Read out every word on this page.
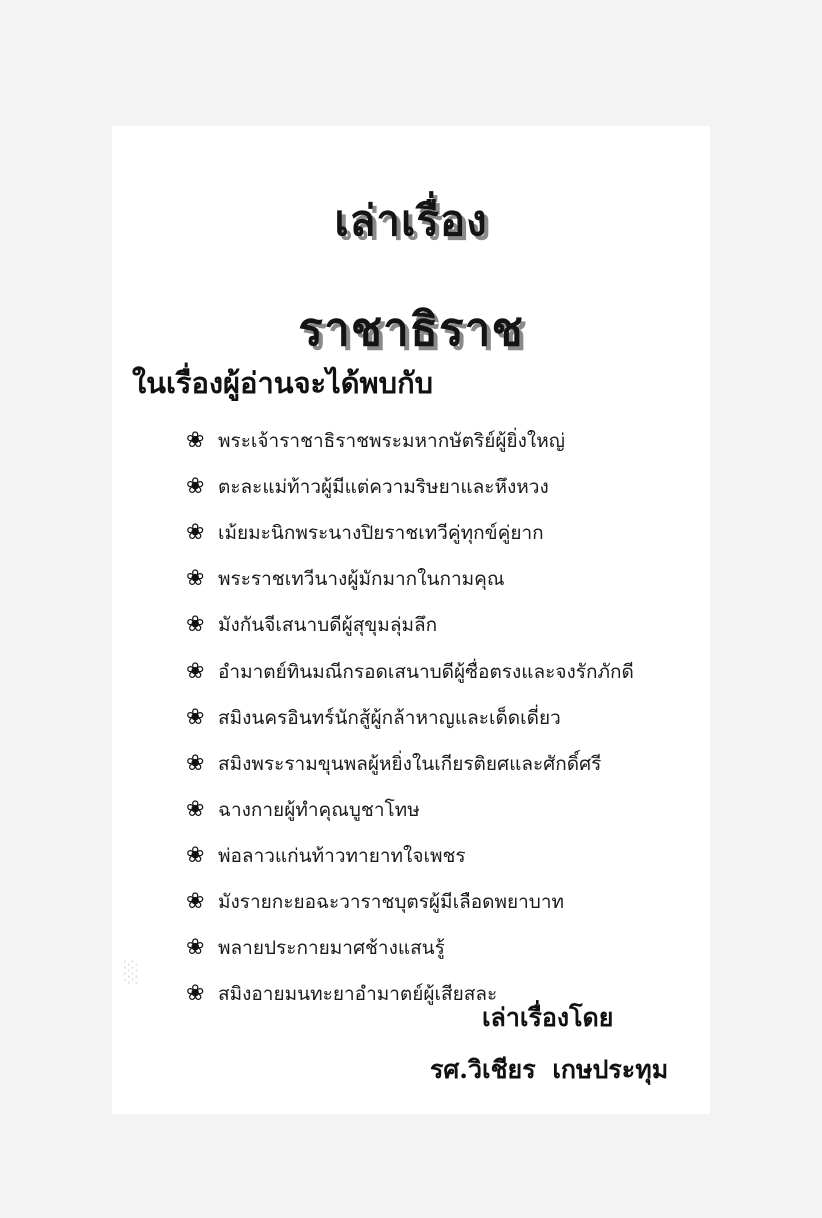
░
เล่าเรื่อง
ราชาธิราช
ในเรื่องผู้อ่านจะได้พบกับ
❀ พระเจ้าราชาธิราชพระมหากษัตริย์ผู้ยิ่งใหญ่
❀ ตะละแม่ท้าวผู้มีแต่ความริษยาและหึงหวง
❀ เม้ยมะนิกพระนางปิยราชเทวีคู่ทุกข์คู่ยาก
❀ พระราชเทวีนางผู้มักมากในกามคุณ
❀ มังกันจีเสนาบดีผู้สุขุมลุ่มลึก
❀ อำมาตย์ทินมณีกรอดเสนาบดีผู้ซื่อตรงและจงรักภักดี
❀ สมิงนครอินทร์นักสู้ผู้กล้าหาญและเด็ดเดี่ยว
❀ สมิงพระรามขุนพลผู้หยิ่งในเกียรติยศและศักดิ์ศรี
❀ ฉางกายผู้ทำคุณบูชาโทษ
❀ พ่อลาวแก่นท้าวทายาทใจเพชร
❀ มังรายกะยอฉะวาราชบุตรผู้มีเลือดพยาบาท
❀ พลายประกายมาศช้างแสนรู้
❀ สมิงอายมนทะยาอำมาตย์ผู้เสียสละ
เล่าเรื่องโดย
รศ.วิเชียร เกษประทุม
